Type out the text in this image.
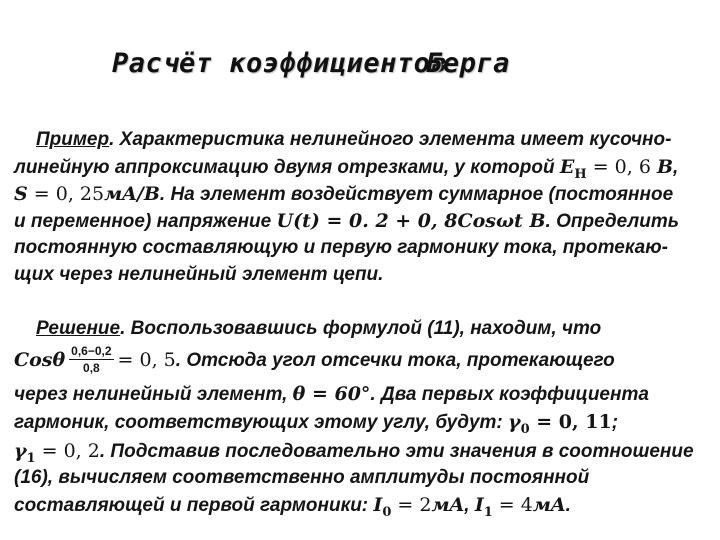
Расчёт коэффициентовБерга
Пример. Характеристика нелинейного элемента имеет кусочно-
линейную аппроксимацию двумя отрезками, у которой $E_H = 0$, 6 B,
S = 0, 25мA/B. На элемент воздействует суммарное (постоянное
и переменное) напряжение U(t) = 0. 2 + 0, 8Cosωt B. Определить
постоянную составляющую и первую гармонику тока, протекаю-
щих через нелинейный элемент цепи.
Решение. Воспользовавшись формулой (11), находим, что
Cosθ $\frac{0,6-0,2}{0,8} = 0$, 5. Отсюда угол отсечки тока, протекающего
через нелинейный элемент, θ = 60°. Два первых коэффициента
гармоник, соответствующих этому углу, будут: $\gamma_0 = 0$, 11;
$\gamma_1 = 0$, 2. Подставив последовательно эти значения в соотношение
(16), вычисляем соответственно амплитуды постоянной
составляющей и первой гармоники: $I_0 = 2мA$, $I_1 = 4мA$.
